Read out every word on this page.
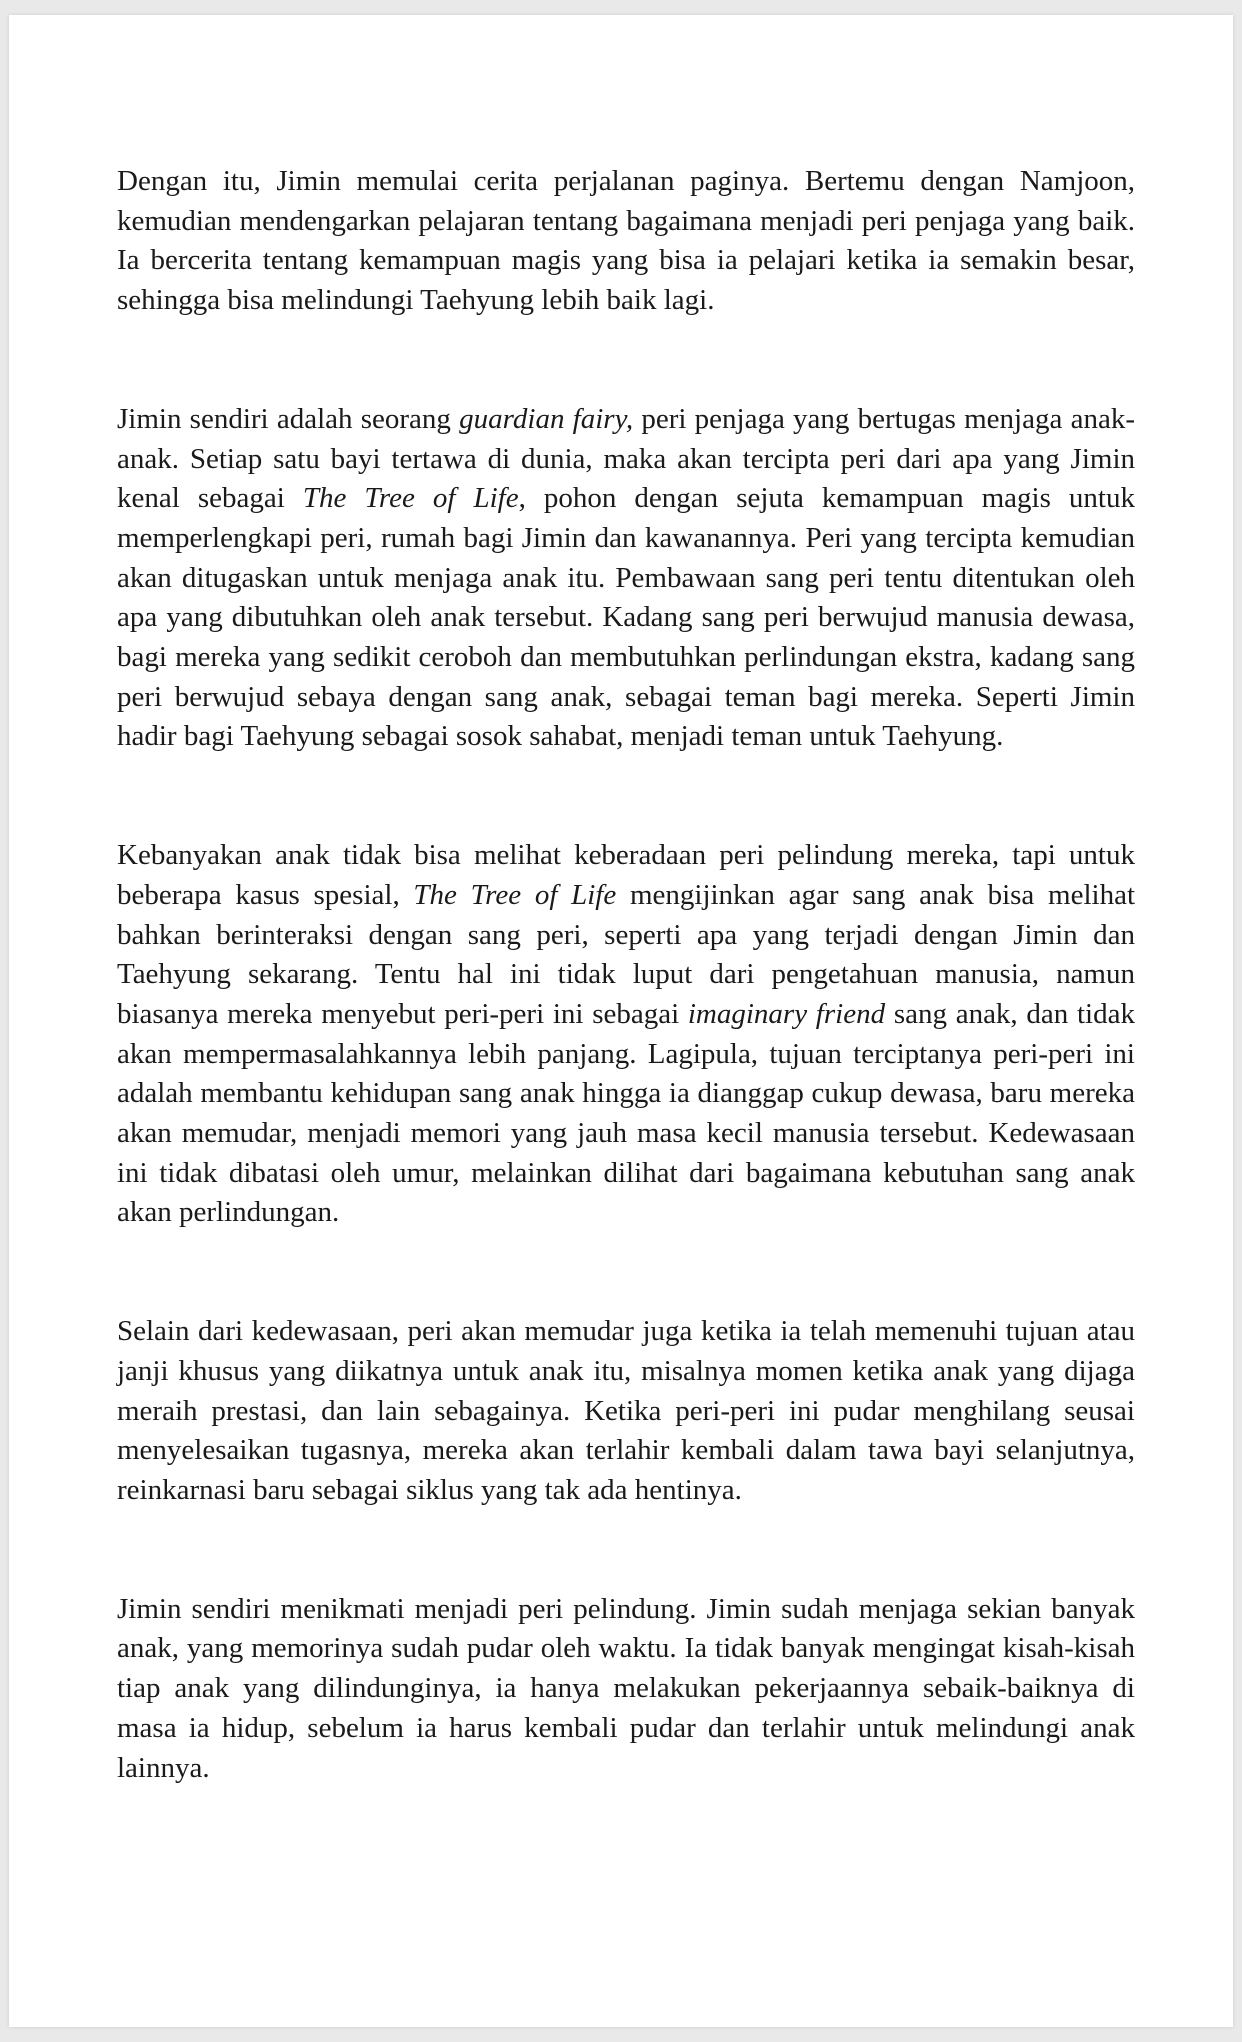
Dengan itu, Jimin memulai cerita perjalanan paginya. Bertemu dengan Namjoon, kemudian mendengarkan pelajaran tentang bagaimana menjadi peri penjaga yang baik. Ia bercerita tentang kemampuan magis yang bisa ia pelajari ketika ia semakin besar, sehingga bisa melindungi Taehyung lebih baik lagi.

Jimin sendiri adalah seorang guardian fairy, peri penjaga yang bertugas menjaga anak-anak. Setiap satu bayi tertawa di dunia, maka akan tercipta peri dari apa yang Jimin kenal sebagai The Tree of Life, pohon dengan sejuta kemampuan magis untuk memperlengkapi peri, rumah bagi Jimin dan kawanannya. Peri yang tercipta kemudian akan ditugaskan untuk menjaga anak itu. Pembawaan sang peri tentu ditentukan oleh apa yang dibutuhkan oleh anak tersebut. Kadang sang peri berwujud manusia dewasa, bagi mereka yang sedikit ceroboh dan membutuhkan perlindungan ekstra, kadang sang peri berwujud sebaya dengan sang anak, sebagai teman bagi mereka. Seperti Jimin hadir bagi Taehyung sebagai sosok sahabat, menjadi teman untuk Taehyung.

Kebanyakan anak tidak bisa melihat keberadaan peri pelindung mereka, tapi untuk beberapa kasus spesial, The Tree of Life mengijinkan agar sang anak bisa melihat bahkan berinteraksi dengan sang peri, seperti apa yang terjadi dengan Jimin dan Taehyung sekarang. Tentu hal ini tidak luput dari pengetahuan manusia, namun biasanya mereka menyebut peri-peri ini sebagai imaginary friend sang anak, dan tidak akan mempermasalahkannya lebih panjang. Lagipula, tujuan terciptanya peri-peri ini adalah membantu kehidupan sang anak hingga ia dianggap cukup dewasa, baru mereka akan memudar, menjadi memori yang jauh masa kecil manusia tersebut. Kedewasaan ini tidak dibatasi oleh umur, melainkan dilihat dari bagaimana kebutuhan sang anak akan perlindungan.

Selain dari kedewasaan, peri akan memudar juga ketika ia telah memenuhi tujuan atau janji khusus yang diikatnya untuk anak itu, misalnya momen ketika anak yang dijaga meraih prestasi, dan lain sebagainya. Ketika peri-peri ini pudar menghilang seusai menyelesaikan tugasnya, mereka akan terlahir kembali dalam tawa bayi selanjutnya, reinkarnasi baru sebagai siklus yang tak ada hentinya.

Jimin sendiri menikmati menjadi peri pelindung. Jimin sudah menjaga sekian banyak anak, yang memorinya sudah pudar oleh waktu. Ia tidak banyak mengingat kisah-kisah tiap anak yang dilindunginya, ia hanya melakukan pekerjaannya sebaik-baiknya di masa ia hidup, sebelum ia harus kembali pudar dan terlahir untuk melindungi anak lainnya.
